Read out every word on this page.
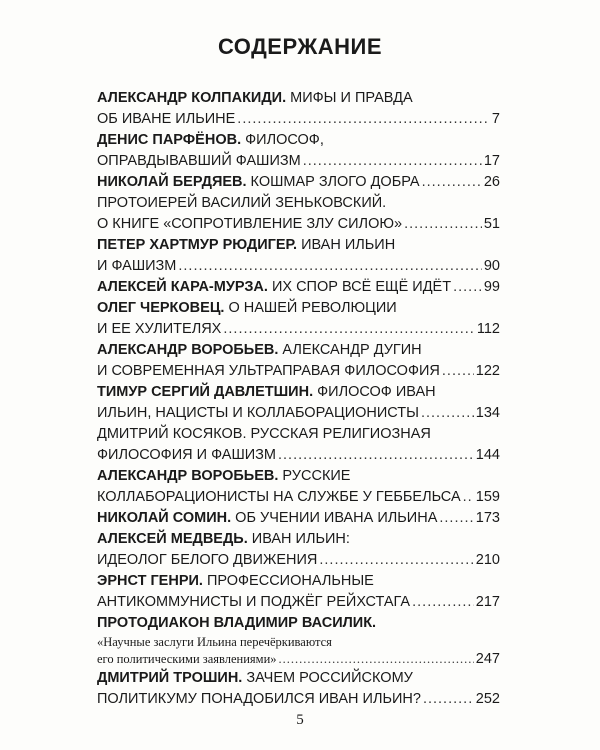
СОДЕРЖАНИЕ
АЛЕКСАНДР КОЛПАКИДИ. МИФЫ И ПРАВДА
ОБ ИВАНЕ ИЛЬИНЕ .....	7
ДЕНИС ПАРФЁНОВ. ФИЛОСОФ,
ОПРАВДЫВАВШИЙ ФАШИЗМ .....	17
НИКОЛАЙ БЕРДЯЕВ. КОШМАР ЗЛОГО ДОБРА .....	26
ПРОТОИЕРЕЙ ВАСИЛИЙ ЗЕНЬКОВСКИЙ.
О КНИГЕ «СОПРОТИВЛЕНИЕ ЗЛУ СИЛОЮ» .....	51
ПЕТЕР ХАРТМУР РЮДИГЕР. ИВАН ИЛЬИН
И ФАШИЗМ .....	90
АЛЕКСЕЙ КАРА-МУРЗА. ИХ СПОР ВСЁ ЕЩЁ ИДЁТ ..... 99
ОЛЕГ ЧЕРКОВЕЦ. О НАШЕЙ РЕВОЛЮЦИИ
И ЕЕ ХУЛИТЕЛЯХ .....	112
АЛЕКСАНДР ВОРОБЬЕВ. АЛЕКСАНДР ДУГИН
И СОВРЕМЕННАЯ УЛЬТРАПРАВАЯ ФИЛОСОФИЯ ..... 122
ТИМУР СЕРГИЙ ДАВЛЕТШИН. ФИЛОСОФ ИВАН
ИЛЬИН, НАЦИСТЫ И КОЛЛАБОРАЦИОНИСТЫ .....	134
ДМИТРИЙ КОСЯКОВ. РУССКАЯ РЕЛИГИОЗНАЯ
ФИЛОСОФИЯ И ФАШИЗМ .....	144
АЛЕКСАНДР ВОРОБЬЕВ. РУССКИЕ
КОЛЛАБОРАЦИОНИСТЫ НА СЛУЖБЕ У ГЕББЕЛЬСА ..... 159
НИКОЛАЙ СОМИН. ОБ УЧЕНИИ ИВАНА ИЛЬИНА .....	173
АЛЕКСЕЙ МЕДВЕДЬ. ИВАН ИЛЬИН:
ИДЕОЛОГ БЕЛОГО ДВИЖЕНИЯ .....	210
ЭРНСТ ГЕНРИ. ПРОФЕССИОНАЛЬНЫЕ
АНТИКОММУНИСТЫ И ПОДЖЁГ РЕЙХСТАГА .....	217
ПРОТОДИАКОН ВЛАДИМИР ВАСИЛИК.
«Научные заслуги Ильина перечёркиваются
его политическими заявлениями» .....	247
ДМИТРИЙ ТРОШИН. ЗАЧЕМ РОССИЙСКОМУ
ПОЛИТИКУМУ ПОНАДОБИЛСЯ ИВАН ИЛЬИН? .....	252
5
